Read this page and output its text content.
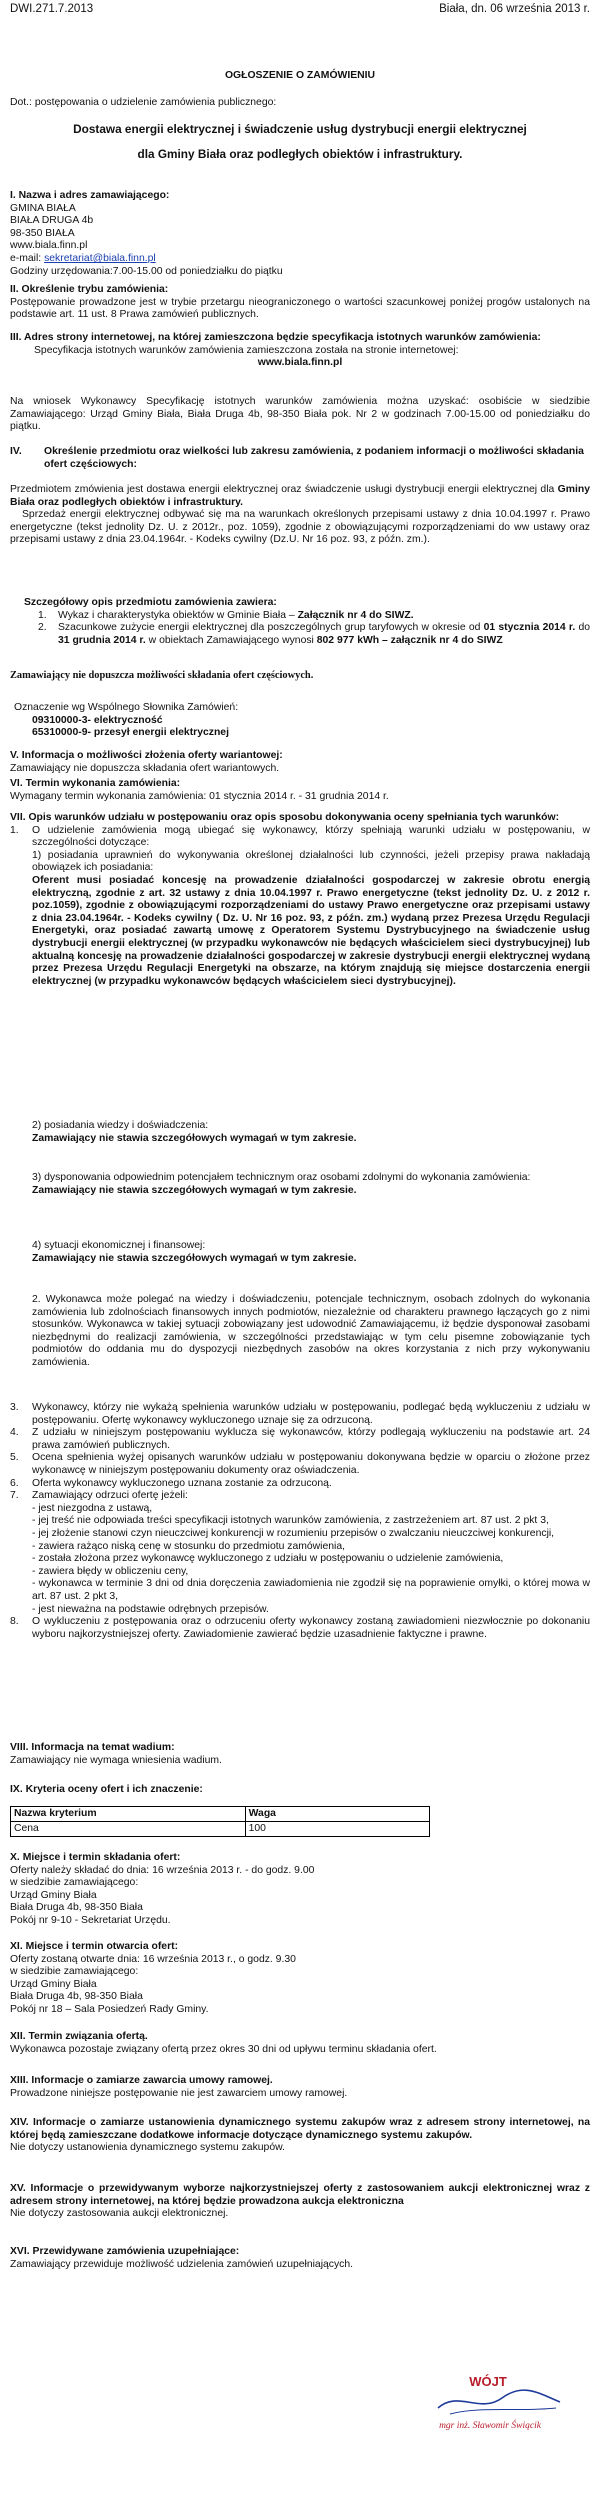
DWI.271.7.2013	Biała, dn. 06 września 2013 r.
OGŁOSZENIE O ZAMÓWIENIU
Dot.: postępowania o udzielenie zamówienia publicznego:
Dostawa energii elektrycznej i świadczenie usług dystrybucji energii elektrycznej
dla Gminy Biała oraz podległych obiektów i infrastruktury.

I. Nazwa i adres zamawiającego:

GMINA BIAŁA

BIAŁA DRUGA 4b

98-350 BIAŁA

www.biala.finn.pl

e-mail: sekretariat@biala.finn.pl

Godziny urzędowania:7.00-15.00 od poniedziałku do piątku

II. Określenie trybu zamówienia:

Postępowanie prowadzone jest w trybie przetargu nieograniczonego o wartości szacunkowej poniżej progów ustalonych na podstawie art. 11 ust. 8 Prawa zamówień publicznych.

III. Adres strony internetowej, na której zamieszczona będzie specyfikacja istotnych warunków zamówienia:

Specyfikacja istotnych warunków zamówienia zamieszczona została na stronie internetowej:

www.biala.finn.pl

Na wniosek Wykonawcy Specyfikację istotnych warunków zamówienia można uzyskać: osobiście w siedzibie Zamawiającego: Urząd Gminy Biała, Biała Druga 4b, 98-350 Biała pok. Nr 2 w godzinach 7.00-15.00 od poniedziałku do piątku.
IV.	Określenie przedmiotu oraz wielkości lub zakresu zamówienia, z podaniem informacji o możliwości składania ofert częściowych:

Przedmiotem zmówienia jest dostawa energii elektrycznej oraz świadczenie usługi dystrybucji energii elektrycznej dla Gminy Biała oraz podległych obiektów i infrastruktury.

Sprzedaż energii elektrycznej odbywać się ma na warunkach określonych przepisami ustawy z dnia 10.04.1997 r. Prawo energetyczne (tekst jednolity Dz. U. z 2012r., poz. 1059), zgodnie z obowiązującymi rozporządzeniami do ww ustawy oraz przepisami ustawy z dnia 23.04.1964r. - Kodeks cywilny (Dz.U. Nr 16 poz. 93, z późn. zm.).

Szczegółowy opis przedmiotu zamówienia zawiera:

1.	Wykaz i charakterystyka obiektów w Gminie Biała – Załącznik nr 4 do SIWZ.
2.	Szacunkowe zużycie energii elektrycznej dla poszczególnych grup taryfowych w okresie od 01 stycznia 2014 r. do 31 grudnia 2014 r. w obiektach Zamawiającego wynosi 802 977 kWh – załącznik nr 4 do SIWZ
Zamawiający nie dopuszcza możliwości składania ofert częściowych.

Oznaczenie wg Wspólnego Słownika Zamówień:

09310000-3- elektryczność

65310000-9- przesył energii elektrycznej

V. Informacja o możliwości złożenia oferty wariantowej:

Zamawiający nie dopuszcza składania ofert wariantowych.

VI. Termin wykonania zamówienia:

Wymagany termin wykonania zamówienia: 01 stycznia 2014 r. - 31 grudnia 2014 r.

VII. Opis warunków udziału w postępowaniu oraz opis sposobu dokonywania oceny spełniania tych warunków:

1.	O udzielenie zamówienia mogą ubiegać się wykonawcy, którzy spełniają warunki udziału w postępowaniu, w szczególności dotyczące:

1) posiadania uprawnień do wykonywania określonej działalności lub czynności, jeżeli przepisy prawa nakładają obowiązek ich posiadania:

Oferent musi posiadać koncesję na prowadzenie działalności gospodarczej w zakresie obrotu energią elektryczną, zgodnie z art. 32 ustawy z dnia 10.04.1997 r. Prawo energetyczne (tekst jednolity Dz. U. z 2012 r. poz.1059), zgodnie z obowiązującymi rozporządzeniami do ustawy Prawo energetyczne oraz przepisami ustawy z dnia 23.04.1964r. - Kodeks cywilny ( Dz. U. Nr 16 poz. 93, z późn. zm.) wydaną przez Prezesa Urzędu Regulacji Energetyki, oraz posiadać zawartą umowę z Operatorem Systemu Dystrybucyjnego na świadczenie usług dystrybucji energii elektrycznej (w przypadku wykonawców nie będących właścicielem sieci dystrybucyjnej) lub aktualną koncesję na prowadzenie działalności gospodarczej w zakresie dystrybucji energii elektrycznej wydaną przez Prezesa Urzędu Regulacji Energetyki na obszarze, na którym znajdują się miejsce dostarczenia energii elektrycznej (w przypadku wykonawców będących właścicielem sieci dystrybucyjnej).

2) posiadania wiedzy i doświadczenia:

Zamawiający nie stawia szczegółowych wymagań w tym zakresie.

3) dysponowania odpowiednim potencjałem technicznym oraz osobami zdolnymi do wykonania zamówienia:

Zamawiający nie stawia szczegółowych wymagań w tym zakresie.

4) sytuacji ekonomicznej i finansowej:

Zamawiający nie stawia szczegółowych wymagań w tym zakresie.

2. Wykonawca może polegać na wiedzy i doświadczeniu, potencjale technicznym, osobach zdolnych do wykonania zamówienia lub zdolnościach finansowych innych podmiotów, niezależnie od charakteru prawnego łączących go z nimi stosunków. Wykonawca w takiej sytuacji zobowiązany jest udowodnić Zamawiającemu, iż będzie dysponował zasobami niezbędnymi do realizacji zamówienia, w szczególności przedstawiając w tym celu pisemne zobowiązanie tych podmiotów do oddania mu do dyspozycji niezbędnych zasobów na okres korzystania z nich przy wykonywaniu zamówienia.
3.	Wykonawcy, którzy nie wykażą spełnienia warunków udziału w postępowaniu, podlegać będą wykluczeniu z udziału w postępowaniu. Ofertę wykonawcy wykluczonego uznaje się za odrzuconą.
4.	Z udziału w niniejszym postępowaniu wyklucza się wykonawców, którzy podlegają wykluczeniu na podstawie art. 24 prawa zamówień publicznych.
5.	Ocena spełnienia wyżej opisanych warunków udziału w postępowaniu dokonywana będzie w oparciu o złożone przez wykonawcę w niniejszym postępowaniu dokumenty oraz oświadczenia.
6.	Oferta wykonawcy wykluczonego uznana zostanie za odrzuconą.
7.	Zamawiający odrzuci ofertę jeżeli:

- jest niezgodna z ustawą,

- jej treść nie odpowiada treści specyfikacji istotnych warunków zamówienia, z zastrzeżeniem art. 87 ust. 2 pkt 3,

- jej złożenie stanowi czyn nieuczciwej konkurencji w rozumieniu przepisów o zwalczaniu nieuczciwej konkurencji,

- zawiera rażąco niską cenę w stosunku do przedmiotu zamówienia,

- została złożona przez wykonawcę wykluczonego z udziału w postępowaniu o udzielenie zamówienia,

- zawiera błędy w obliczeniu ceny,

- wykonawca w terminie 3 dni od dnia doręczenia zawiadomienia nie zgodził się na poprawienie omyłki, o której mowa w art. 87 ust. 2 pkt 3,

- jest nieważna na podstawie odrębnych przepisów.

8.	O wykluczeniu z postępowania oraz o odrzuceniu oferty wykonawcy zostaną zawiadomieni niezwłocznie po dokonaniu wyboru najkorzystniejszej oferty. Zawiadomienie zawierać będzie uzasadnienie faktyczne i prawne.

VIII. Informacja na temat wadium:

Zamawiający nie wymaga wniesienia wadium.

IX. Kryteria oceny ofert i ich znaczenie:
Nazwa kryterium	Waga
Cena	100

X. Miejsce i termin składania ofert:

Oferty należy składać do dnia: 16 września 2013 r. - do godz. 9.00

w siedzibie zamawiającego:

Urząd Gminy Biała

Biała Druga 4b, 98-350 Biała

Pokój nr 9-10 - Sekretariat Urzędu.

XI. Miejsce i termin otwarcia ofert:

Oferty zostaną otwarte dnia: 16 września 2013 r., o godz. 9.30

w siedzibie zamawiającego:

Urząd Gminy Biała

Biała Druga 4b, 98-350 Biała

Pokój nr 18 – Sala Posiedzeń Rady Gminy.

XII. Termin związania ofertą.

Wykonawca pozostaje związany ofertą przez okres 30 dni od upływu terminu składania ofert.

XIII. Informacje o zamiarze zawarcia umowy ramowej.

Prowadzone niniejsze postępowanie nie jest zawarciem umowy ramowej.

XIV. Informacje o zamiarze ustanowienia dynamicznego systemu zakupów wraz z adresem strony internetowej, na której będą zamieszczane dodatkowe informacje dotyczące dynamicznego systemu zakupów.

Nie dotyczy ustanowienia dynamicznego systemu zakupów.

XV. Informacje o przewidywanym wyborze najkorzystniejszej oferty z zastosowaniem aukcji elektronicznej wraz z adresem strony internetowej, na której będzie prowadzona aukcja elektroniczna

Nie dotyczy zastosowania aukcji elektronicznej.

XVI. Przewidywane zamówienia uzupełniające:

Zamawiający przewiduje możliwość udzielenia zamówień uzupełniających.

WÓJT
mgr inż. Sławomir Świącik
